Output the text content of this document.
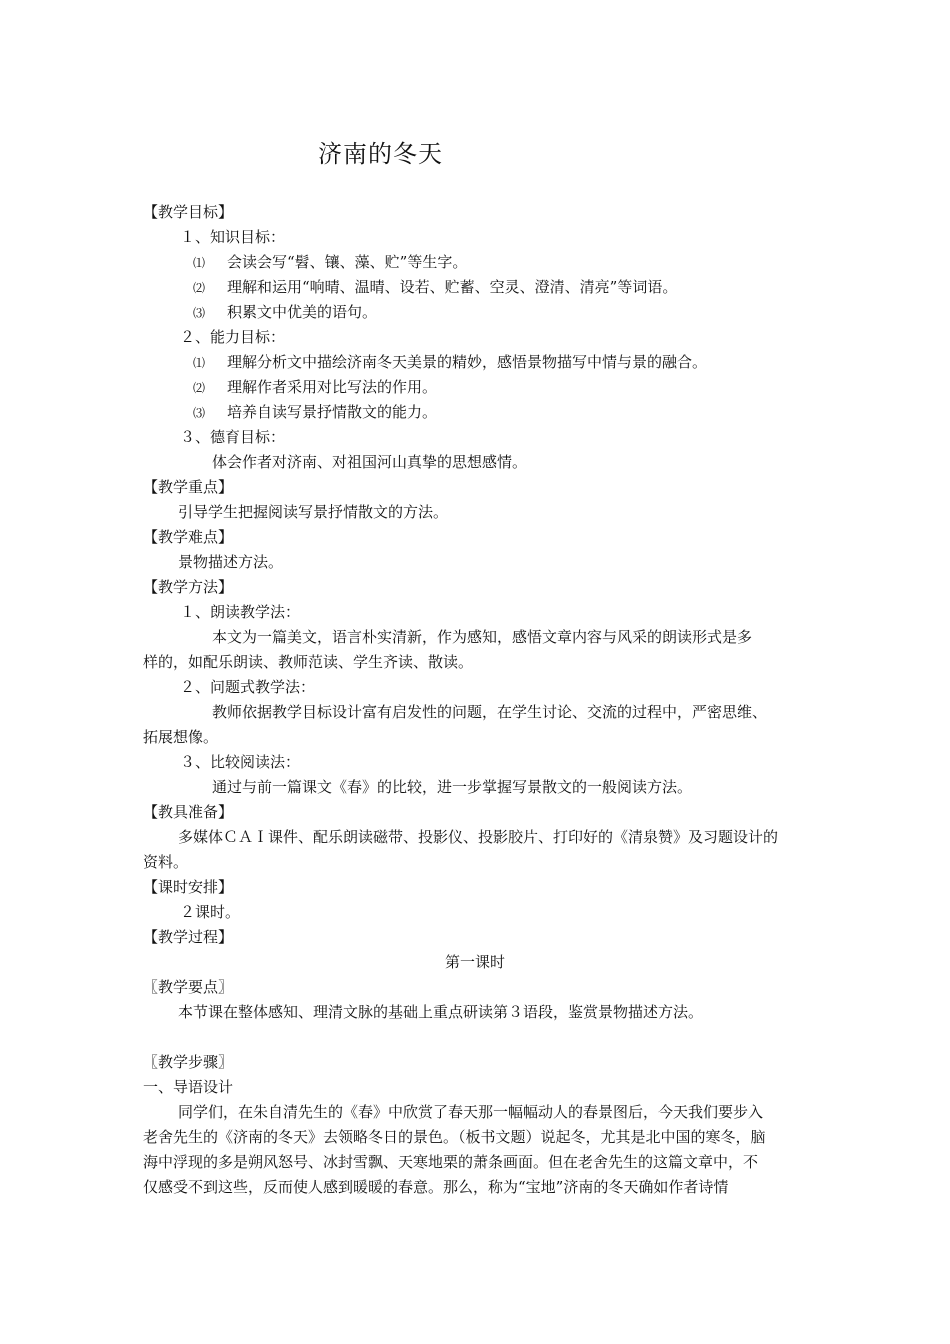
济南的冬天
【教学目标】
１、知识目标：
⑴ 会读会写“髫、镶、藻、贮”等生字。
⑵ 理解和运用“响晴、温晴、设若、贮蓄、空灵、澄清、清亮”等词语。
⑶ 积累文中优美的语句。
２、能力目标：
⑴ 理解分析文中描绘济南冬天美景的精妙，感悟景物描写中情与景的融合。
⑵ 理解作者采用对比写法的作用。
⑶ 培养自读写景抒情散文的能力。
３、德育目标：
体会作者对济南、对祖国河山真挚的思想感情。
【教学重点】
引导学生把握阅读写景抒情散文的方法。
【教学难点】
景物描述方法。
【教学方法】
１、朗读教学法：
本文为一篇美文，语言朴实清新，作为感知，感悟文章内容与风采的朗读形式是多
样的，如配乐朗读、教师范读、学生齐读、散读。
２、问题式教学法：
教师依据教学目标设计富有启发性的问题，在学生讨论、交流的过程中，严密思维、
拓展想像。
３、比较阅读法：
通过与前一篇课文《春》的比较，进一步掌握写景散文的一般阅读方法。
【教具准备】
多媒体ＣＡＩ课件、配乐朗读磁带、投影仪、投影胶片、打印好的《清泉赞》及习题设计的
资料。
【课时安排】
２课时。
【教学过程】
第一课时
〖教学要点〗
本节课在整体感知、理清文脉的基础上重点研读第３语段，鉴赏景物描述方法。
〖教学步骤〗
一、导语设计
同学们，在朱自清先生的《春》中欣赏了春天那一幅幅动人的春景图后，今天我们要步入
老舍先生的《济南的冬天》去领略冬日的景色。（板书文题）说起冬，尤其是北中国的寒冬，脑
海中浮现的多是朔风怒号、冰封雪飘、天寒地栗的萧条画面。但在老舍先生的这篇文章中，不
仅感受不到这些，反而使人感到暖暖的春意。那么，称为“宝地”济南的冬天确如作者诗情
